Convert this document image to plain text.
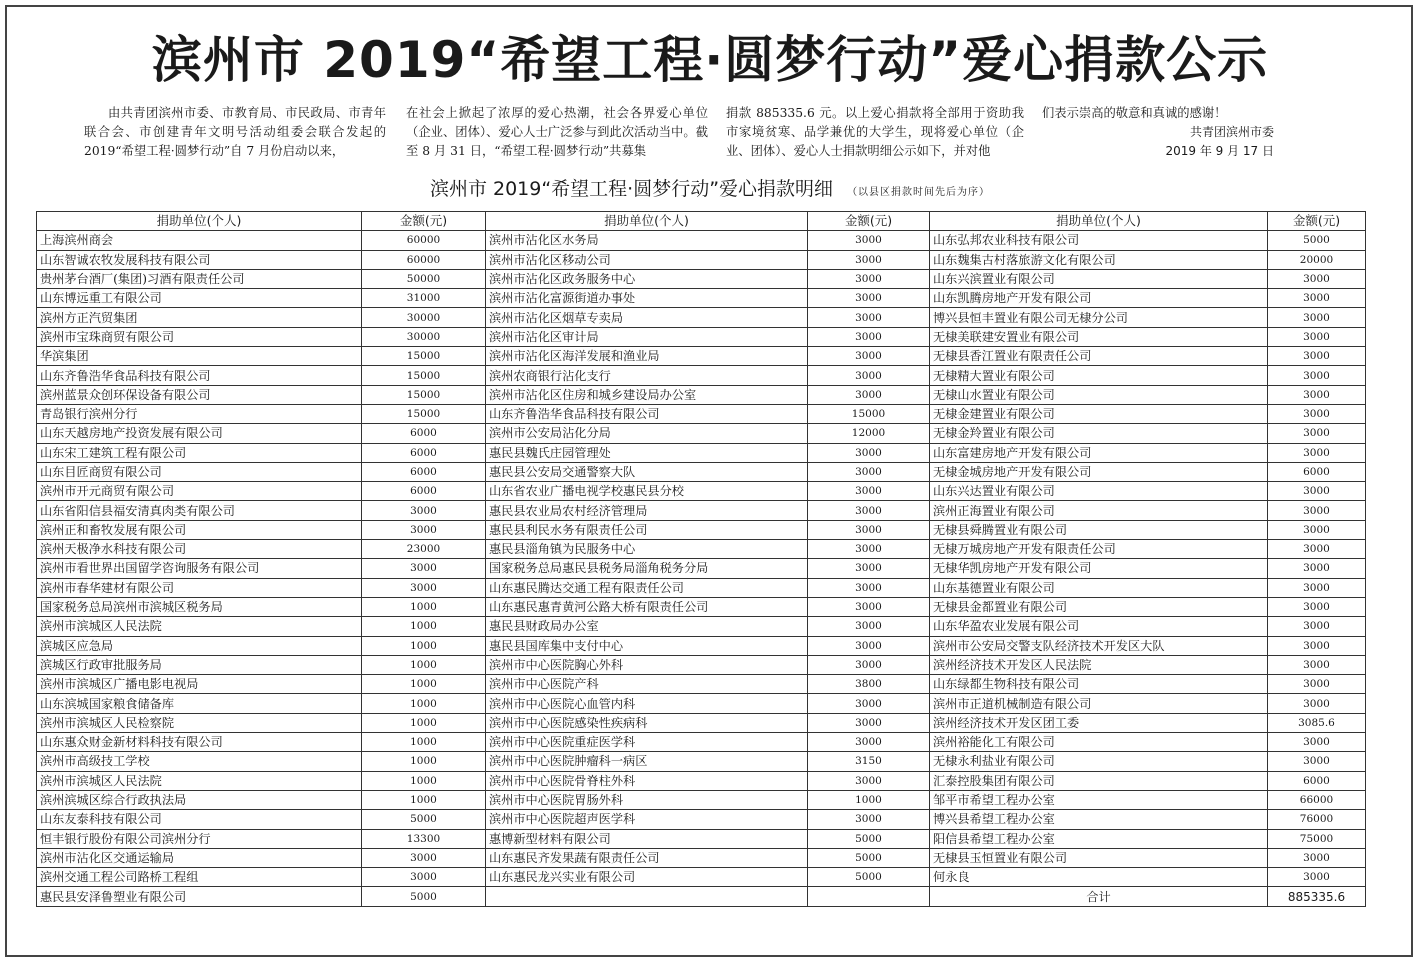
滨州市 2019“希望工程·圆梦行动”爱心捐款公示
由共青团滨州市委、市教育局、市民政局、市青年联合会、市创建青年文明号活动组委会联合发起的 2019“希望工程·圆梦行动”自 7 月份启动以来，
在社会上掀起了浓厚的爱心热潮，社会各界爱心单位（企业、团体）、爱心人士广泛参与到此次活动当中。截至 8 月 31 日，“希望工程·圆梦行动”共募集
捐款 885335.6 元。以上爱心捐款将全部用于资助我市家境贫寒、品学兼优的大学生，现将爱心单位（企业、团体）、爱心人士捐款明细公示如下，并对他
们表示崇高的敬意和真诚的感谢！
共青团滨州市委
2019 年 9 月 17 日
滨州市 2019“希望工程·圆梦行动”爱心捐款明细 （以县区捐款时间先后为序）
捐助单位(个人)	金额(元)	捐助单位(个人)	金额(元)	捐助单位(个人)	金额(元)
上海滨州商会	60000	滨州市沾化区水务局	3000	山东弘邦农业科技有限公司	5000
山东智诚农牧发展科技有限公司	60000	滨州市沾化区移动公司	3000	山东魏集古村落旅游文化有限公司	20000
贵州茅台酒厂(集团)习酒有限责任公司	50000	滨州市沾化区政务服务中心	3000	山东兴滨置业有限公司	3000
山东博远重工有限公司	31000	滨州市沾化富源街道办事处	3000	山东凯腾房地产开发有限公司	3000
滨州方正汽贸集团	30000	滨州市沾化区烟草专卖局	3000	博兴县恒丰置业有限公司无棣分公司	3000
滨州市宝珠商贸有限公司	30000	滨州市沾化区审计局	3000	无棣美联建安置业有限公司	3000
华滨集团	15000	滨州市沾化区海洋发展和渔业局	3000	无棣县香江置业有限责任公司	3000
山东齐鲁浩华食品科技有限公司	15000	滨州农商银行沾化支行	3000	无棣精大置业有限公司	3000
滨州蓝景众创环保设备有限公司	15000	滨州市沾化区住房和城乡建设局办公室	3000	无棣山水置业有限公司	3000
青岛银行滨州分行	15000	山东齐鲁浩华食品科技有限公司	15000	无棣金建置业有限公司	3000
山东天越房地产投资发展有限公司	6000	滨州市公安局沾化分局	12000	无棣金羚置业有限公司	3000
山东宋工建筑工程有限公司	6000	惠民县魏氏庄园管理处	3000	山东富建房地产开发有限公司	3000
山东目匠商贸有限公司	6000	惠民县公安局交通警察大队	3000	无棣金城房地产开发有限公司	6000
滨州市开元商贸有限公司	6000	山东省农业广播电视学校惠民县分校	3000	山东兴达置业有限公司	3000
山东省阳信县福安清真肉类有限公司	3000	惠民县农业局农村经济管理局	3000	滨州正海置业有限公司	3000
滨州正和畜牧发展有限公司	3000	惠民县利民水务有限责任公司	3000	无棣县舜腾置业有限公司	3000
滨州天极净水科技有限公司	23000	惠民县淄角镇为民服务中心	3000	无棣万城房地产开发有限责任公司	3000
滨州市看世界出国留学咨询服务有限公司	3000	国家税务总局惠民县税务局淄角税务分局	3000	无棣华凯房地产开发有限公司	3000
滨州市春华建材有限公司	3000	山东惠民腾达交通工程有限责任公司	3000	山东基德置业有限公司	3000
国家税务总局滨州市滨城区税务局	1000	山东惠民惠青黄河公路大桥有限责任公司	3000	无棣县金都置业有限公司	3000
滨州市滨城区人民法院	1000	惠民县财政局办公室	3000	山东华盈农业发展有限公司	3000
滨城区应急局	1000	惠民县国库集中支付中心	3000	滨州市公安局交警支队经济技术开发区大队	3000
滨城区行政审批服务局	1000	滨州市中心医院胸心外科	3000	滨州经济技术开发区人民法院	3000
滨州市滨城区广播电影电视局	1000	滨州市中心医院产科	3800	山东绿都生物科技有限公司	3000
山东滨城国家粮食储备库	1000	滨州市中心医院心血管内科	3000	滨州市正道机械制造有限公司	3000
滨州市滨城区人民检察院	1000	滨州市中心医院感染性疾病科	3000	滨州经济技术开发区团工委	3085.6
山东惠众财金新材料科技有限公司	1000	滨州市中心医院重症医学科	3000	滨州裕能化工有限公司	3000
滨州市高级技工学校	1000	滨州市中心医院肿瘤科一病区	3150	无棣永利盐业有限公司	3000
滨州市滨城区人民法院	1000	滨州市中心医院骨脊柱外科	3000	汇泰控股集团有限公司	6000
滨州滨城区综合行政执法局	1000	滨州市中心医院胃肠外科	1000	邹平市希望工程办公室	66000
山东友泰科技有限公司	5000	滨州市中心医院超声医学科	3000	博兴县希望工程办公室	76000
恒丰银行股份有限公司滨州分行	13300	惠博新型材料有限公司	5000	阳信县希望工程办公室	75000
滨州市沾化区交通运输局	3000	山东惠民齐发果蔬有限责任公司	5000	无棣县玉恒置业有限公司	3000
滨州交通工程公司路桥工程组	3000	山东惠民龙兴实业有限公司	5000	何永良	3000
惠民县安泽鲁塑业有限公司	5000			合计	885335.6
